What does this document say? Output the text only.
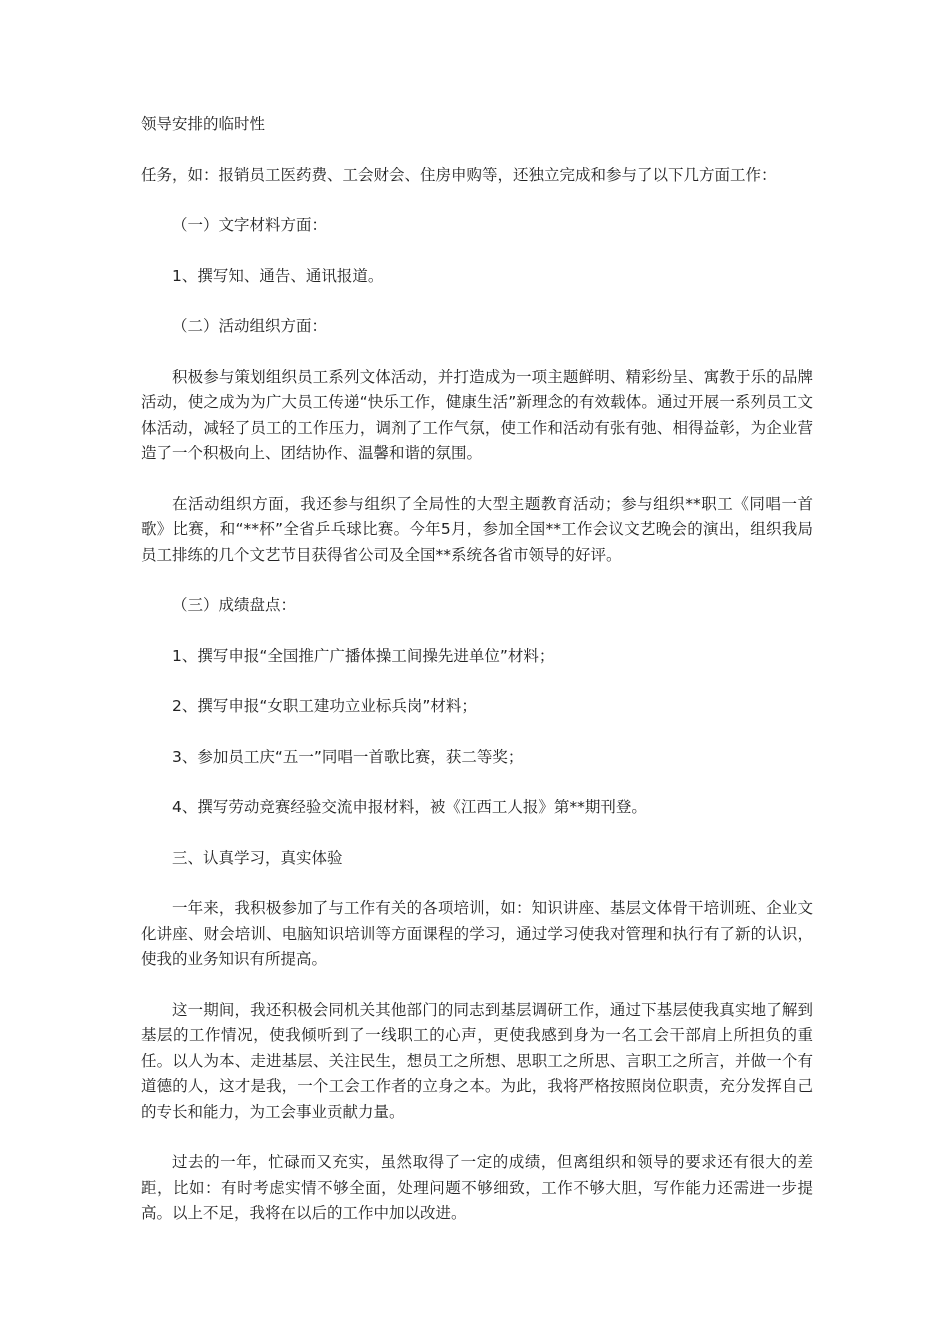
领导安排的临时性

任务，如：报销员工医药费、工会财会、住房申购等，还独立完成和参与了以下几方面工作：

（一）文字材料方面：

1、撰写知、通告、通讯报道。

（二）活动组织方面：

积极参与策划组织员工系列文体活动，并打造成为一项主题鲜明、精彩纷呈、寓教于乐的品牌活动，使之成为为广大员工传递“快乐工作，健康生活”新理念的有效载体。通过开展一系列员工文体活动，减轻了员工的工作压力，调剂了工作气氛，使工作和活动有张有弛、相得益彰，为企业营造了一个积极向上、团结协作、温馨和谐的氛围。

在活动组织方面，我还参与组织了全局性的大型主题教育活动；参与组织**职工《同唱一首歌》比赛，和“**杯”全省乒乓球比赛。今年5月，参加全国**工作会议文艺晚会的演出，组织我局员工排练的几个文艺节目获得省公司及全国**系统各省市领导的好评。

（三）成绩盘点：

1、撰写申报“全国推广广播体操工间操先进单位”材料；

2、撰写申报“女职工建功立业标兵岗”材料；

3、参加员工庆“五一”同唱一首歌比赛，获二等奖；

4、撰写劳动竞赛经验交流申报材料，被《江西工人报》第**期刊登。

三、认真学习，真实体验

一年来，我积极参加了与工作有关的各项培训，如：知识讲座、基层文体骨干培训班、企业文化讲座、财会培训、电脑知识培训等方面课程的学习，通过学习使我对管理和执行有了新的认识，使我的业务知识有所提高。

这一期间，我还积极会同机关其他部门的同志到基层调研工作，通过下基层使我真实地了解到基层的工作情况，使我倾听到了一线职工的心声，更使我感到身为一名工会干部肩上所担负的重任。以人为本、走进基层、关注民生，想员工之所想、思职工之所思、言职工之所言，并做一个有道德的人，这才是我，一个工会工作者的立身之本。为此，我将严格按照岗位职责，充分发挥自己的专长和能力，为工会事业贡献力量。

过去的一年，忙碌而又充实，虽然取得了一定的成绩，但离组织和领导的要求还有很大的差距，比如：有时考虑实情不够全面，处理问题不够细致，工作不够大胆，写作能力还需进一步提高。以上不足，我将在以后的工作中加以改进。
